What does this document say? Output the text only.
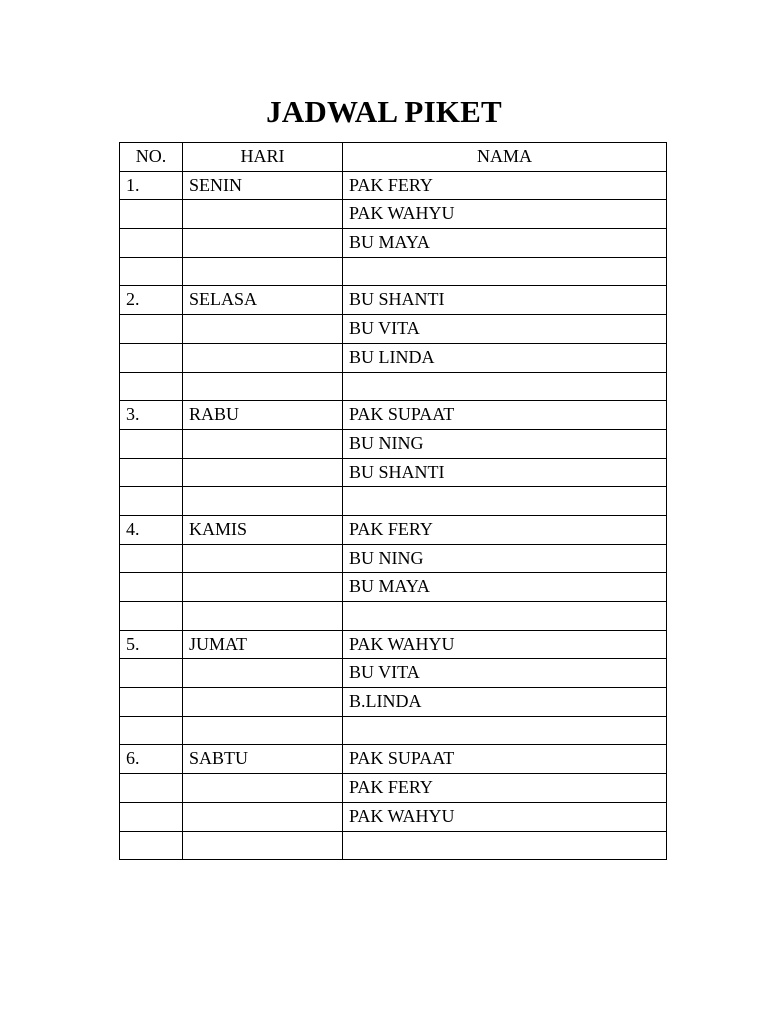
JADWAL PIKET
NO.	HARI	NAMA
1.	SENIN	PAK FERY
		PAK WAHYU
		BU MAYA

2.	SELASA	BU SHANTI
		BU VITA
		BU LINDA

3.	RABU	PAK SUPAAT
		BU NING
		BU SHANTI

4.	KAMIS	PAK FERY
		BU NING
		BU MAYA

5.	JUMAT	PAK WAHYU
		BU VITA
		B.LINDA

6.	SABTU	PAK SUPAAT
		PAK FERY
		PAK WAHYU
